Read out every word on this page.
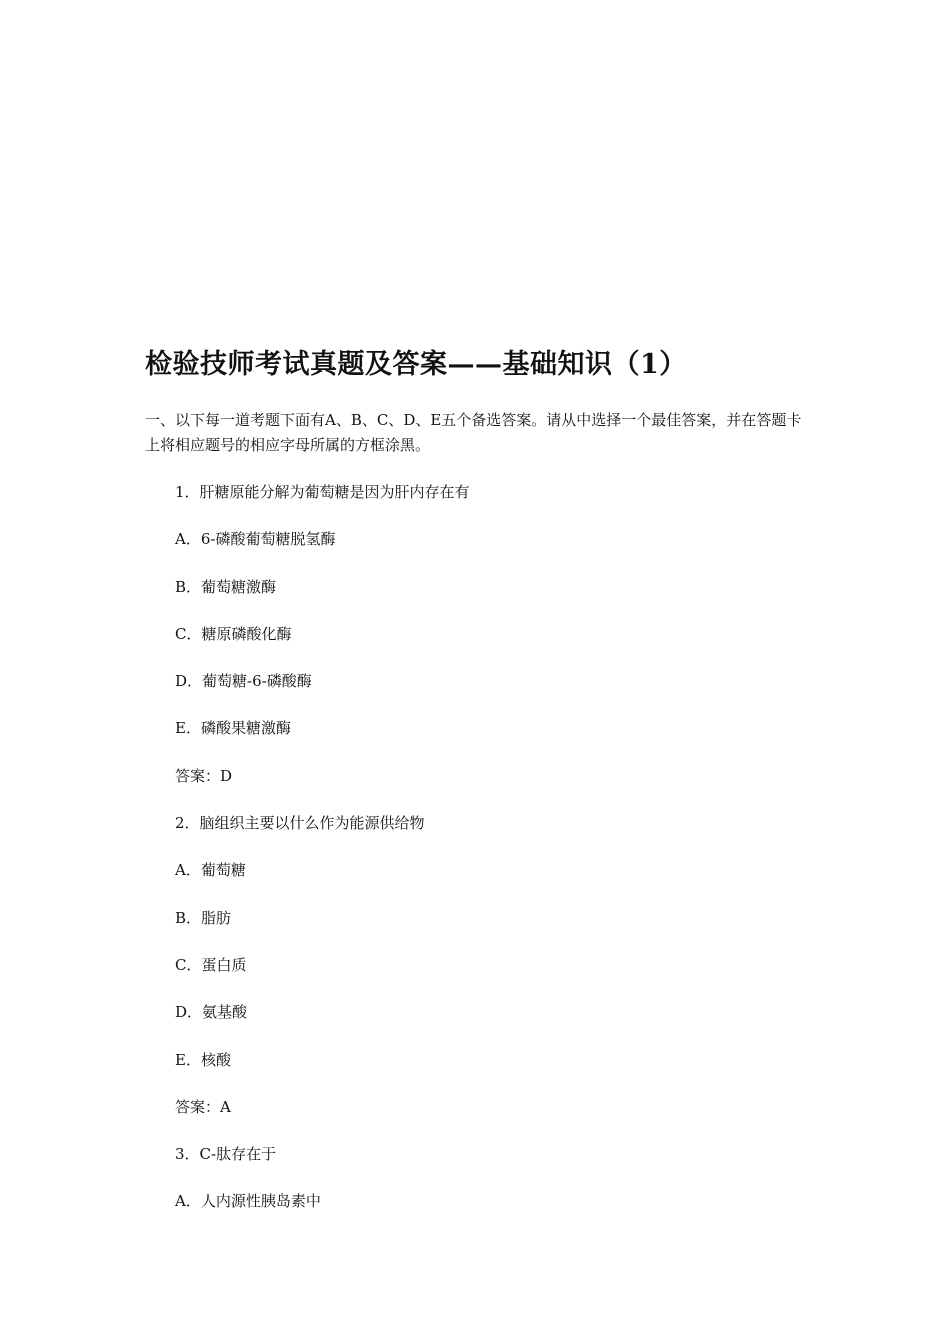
检验技师考试真题及答案——基础知识（1）

一、以下每一道考题下面有A、B、C、D、E五个备选答案。请从中选择一个最佳答案，并在答题卡上将相应题号的相应字母所属的方框涂黑。

1．肝糖原能分解为葡萄糖是因为肝内存在有
A．6-磷酸葡萄糖脱氢酶
B．葡萄糖激酶
C．糖原磷酸化酶
D．葡萄糖-6-磷酸酶
E．磷酸果糖激酶
答案：D
2．脑组织主要以什么作为能源供给物
A．葡萄糖
B．脂肪
C．蛋白质
D．氨基酸
E．核酸
答案：A
3．C-肽存在于
A．人内源性胰岛素中
